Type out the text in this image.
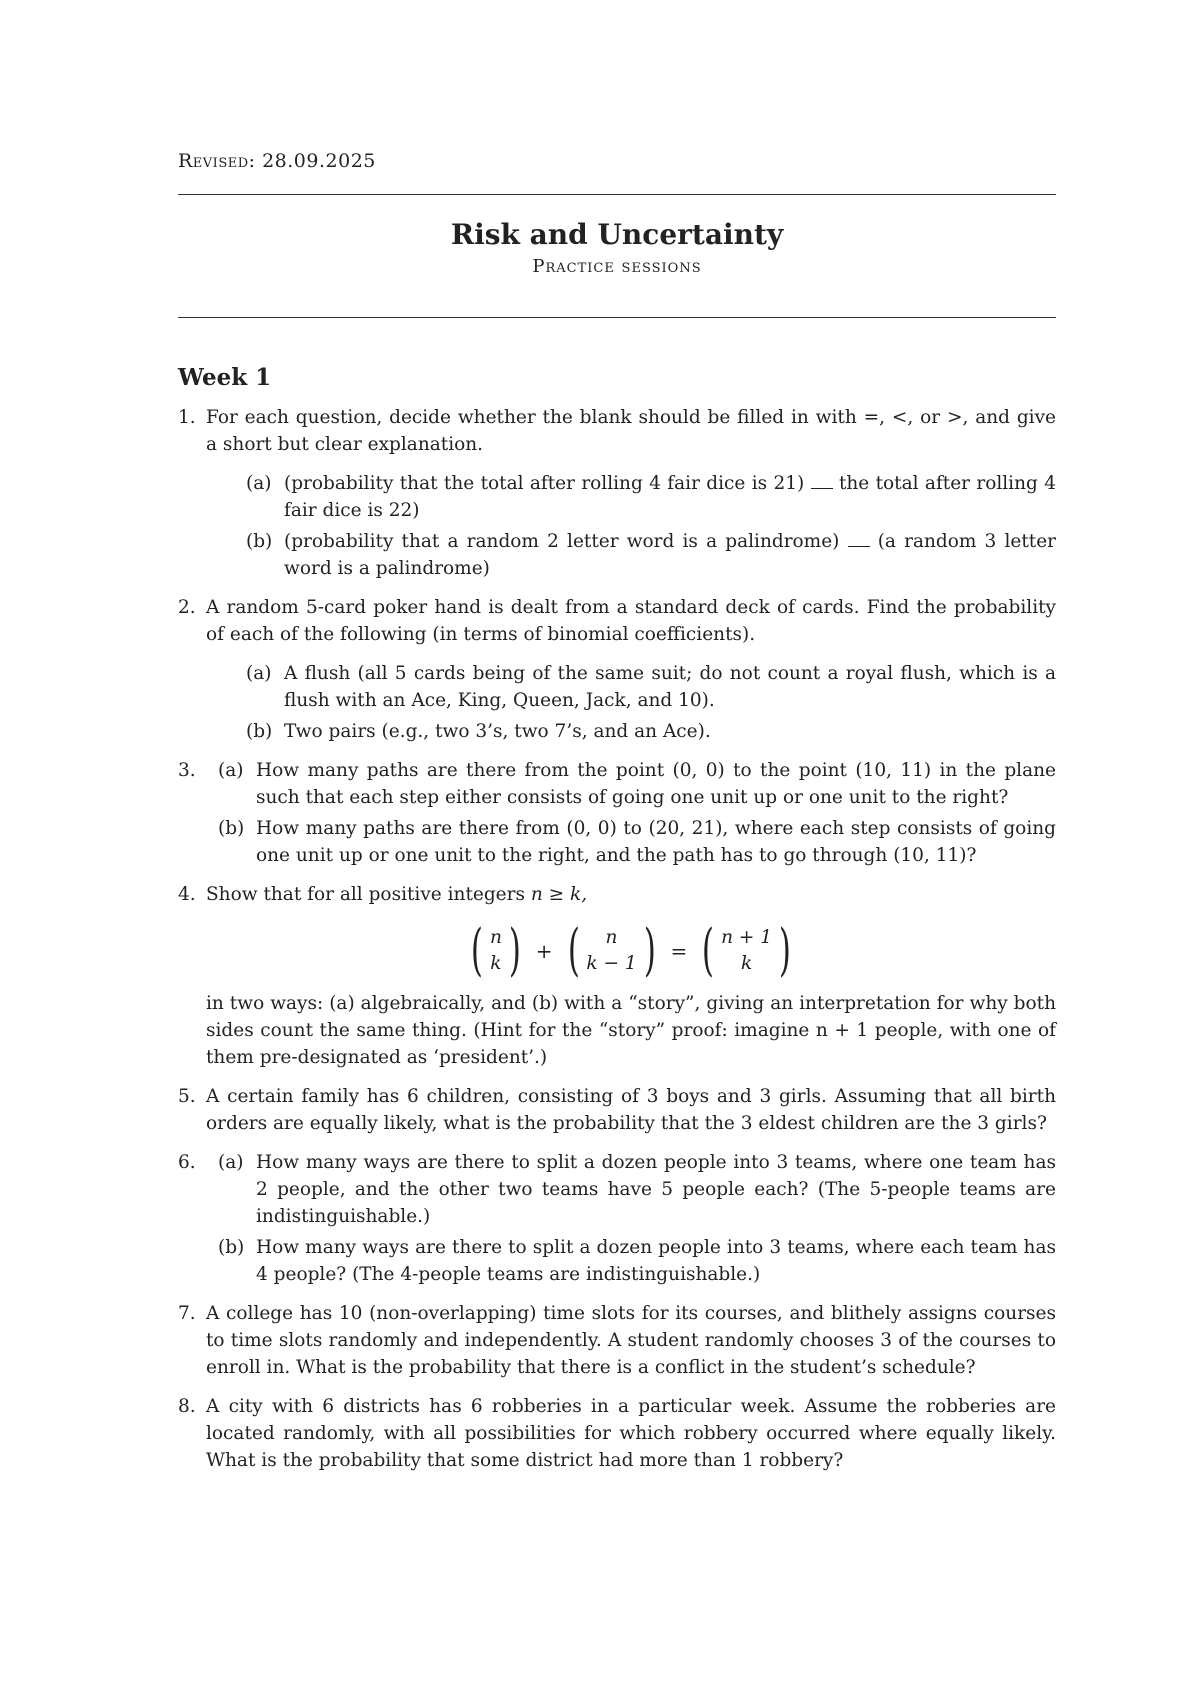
Revised: 28.09.2025
Risk and Uncertainty
Practice sessions
Week 1
1. For each question, decide whether the blank should be filled in with =, <, or >, and give a short but clear explanation.
(a) (probability that the total after rolling 4 fair dice is 21) the total after rolling 4 fair dice is 22)
(b) (probability that a random 2 letter word is a palindrome) (a random 3 letter word is a palindrome)
2. A random 5-card poker hand is dealt from a standard deck of cards. Find the probability of each of the following (in terms of binomial coefficients).
(a) A flush (all 5 cards being of the same suit; do not count a royal flush, which is a flush with an Ace, King, Queen, Jack, and 10).
(b) Two pairs (e.g., two 3’s, two 7’s, and an Ace).
3. (a) How many paths are there from the point (0, 0) to the point (10, 11) in the plane such that each step either consists of going one unit up or one unit to the right?
(b) How many paths are there from (0, 0) to (20, 21), where each step consists of going one unit up or one unit to the right, and the path has to go through (10, 11)?
4. Show that for all positive integers n ≥ k,
( n
k ) + ( n
k − 1 ) = ( n + 1
k )
in two ways: (a) algebraically, and (b) with a “story”, giving an interpretation for why both sides count the same thing. (Hint for the “story” proof: imagine n + 1 people, with one of them pre-designated as ‘president’.)
5. A certain family has 6 children, consisting of 3 boys and 3 girls. Assuming that all birth orders are equally likely, what is the probability that the 3 eldest children are the 3 girls?
6. (a) How many ways are there to split a dozen people into 3 teams, where one team has 2 people, and the other two teams have 5 people each? (The 5-people teams are indistinguishable.)
(b) How many ways are there to split a dozen people into 3 teams, where each team has 4 people? (The 4-people teams are indistinguishable.)
7. A college has 10 (non-overlapping) time slots for its courses, and blithely assigns courses to time slots randomly and independently. A student randomly chooses 3 of the courses to enroll in. What is the probability that there is a conflict in the student’s schedule?
8. A city with 6 districts has 6 robberies in a particular week. Assume the robberies are located randomly, with all possibilities for which robbery occurred where equally likely. What is the probability that some district had more than 1 robbery?
